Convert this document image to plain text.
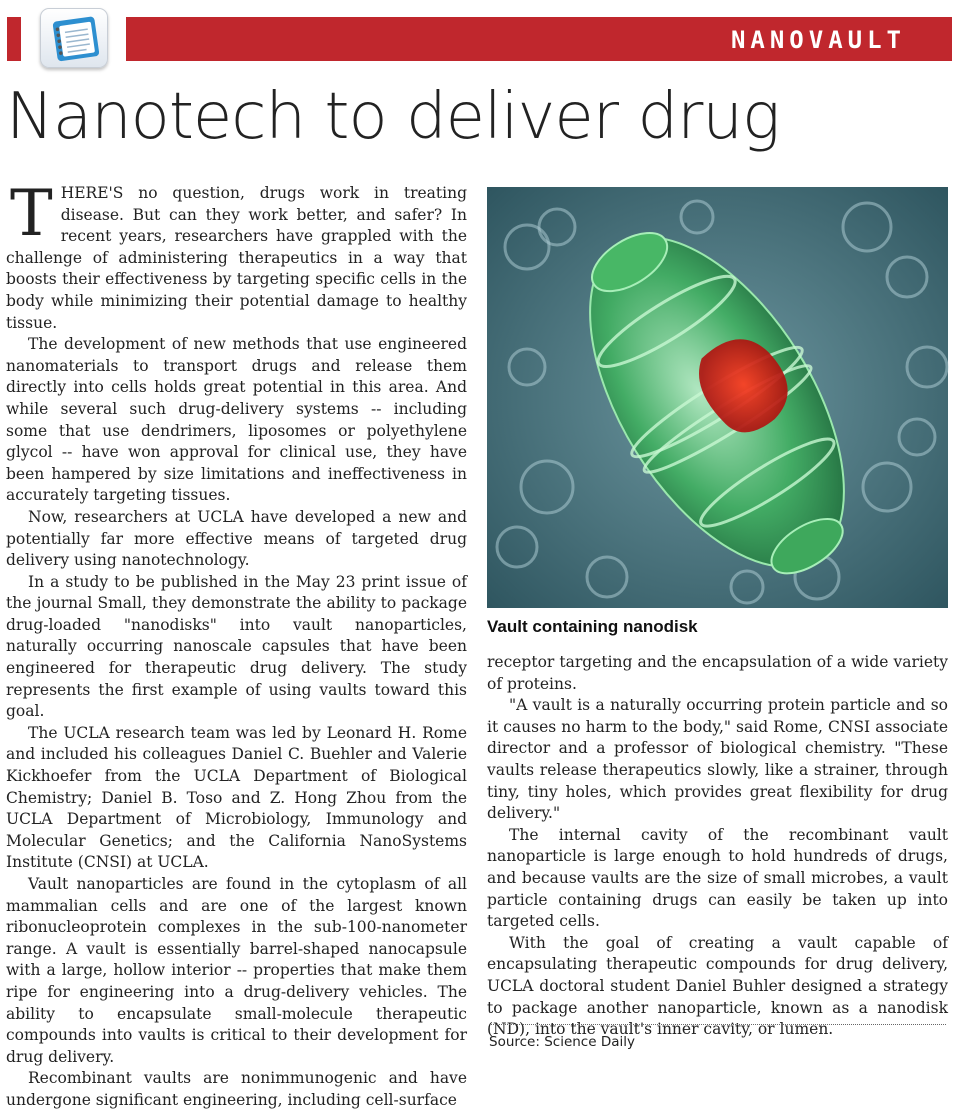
NANOVAULT
Nanotech to deliver drug

THERE'S no question, drugs work in treating disease. But can they work better, and safer? In recent years, researchers have grappled with the challenge of administering therapeutics in a way that boosts their effectiveness by targeting specific cells in the body while minimizing their potential damage to healthy tissue.

The development of new methods that use engineered nanomaterials to transport drugs and release them directly into cells holds great potential in this area. And while several such drug-delivery systems -- including some that use dendrimers, liposomes or polyethylene glycol -- have won approval for clinical use, they have been hampered by size limitations and ineffectiveness in accurately targeting tissues.

Now, researchers at UCLA have developed a new and potentially far more effective means of targeted drug delivery using nanotechnology.

In a study to be published in the May 23 print issue of the journal Small, they demonstrate the ability to package drug-loaded "nanodisks" into vault nanoparticles, naturally occurring nanoscale capsules that have been engineered for therapeutic drug delivery. The study represents the first example of using vaults toward this goal.

The UCLA research team was led by Leonard H. Rome and included his colleagues Daniel C. Buehler and Valerie Kickhoefer from the UCLA Department of Biological Chemistry; Daniel B. Toso and Z. Hong Zhou from the UCLA Department of Microbiology, Immunology and Molecular Genetics; and the California NanoSystems Institute (CNSI) at UCLA.

Vault nanoparticles are found in the cytoplasm of all mammalian cells and are one of the largest known ribonucleoprotein complexes in the sub-100-nanometer range. A vault is essentially barrel-shaped nanocapsule with a large, hollow interior -- properties that make them ripe for engineering into a drug-delivery vehicles. The ability to encapsulate small-molecule therapeutic compounds into vaults is critical to their development for drug delivery.

Recombinant vaults are nonimmunogenic and have undergone significant engineering, including cell-surface

Vault containing nanodisk

receptor targeting and the encapsulation of a wide variety of proteins.

"A vault is a naturally occurring protein particle and so it causes no harm to the body," said Rome, CNSI associate director and a professor of biological chemistry. "These vaults release therapeutics slowly, like a strainer, through tiny, tiny holes, which provides great flexibility for drug delivery."

The internal cavity of the recombinant vault nanoparticle is large enough to hold hundreds of drugs, and because vaults are the size of small microbes, a vault particle containing drugs can easily be taken up into targeted cells.

With the goal of creating a vault capable of encapsulating therapeutic compounds for drug delivery, UCLA doctoral student Daniel Buhler designed a strategy to package another nanoparticle, known as a nanodisk (ND), into the vault's inner cavity, or lumen.

Source: Science Daily
